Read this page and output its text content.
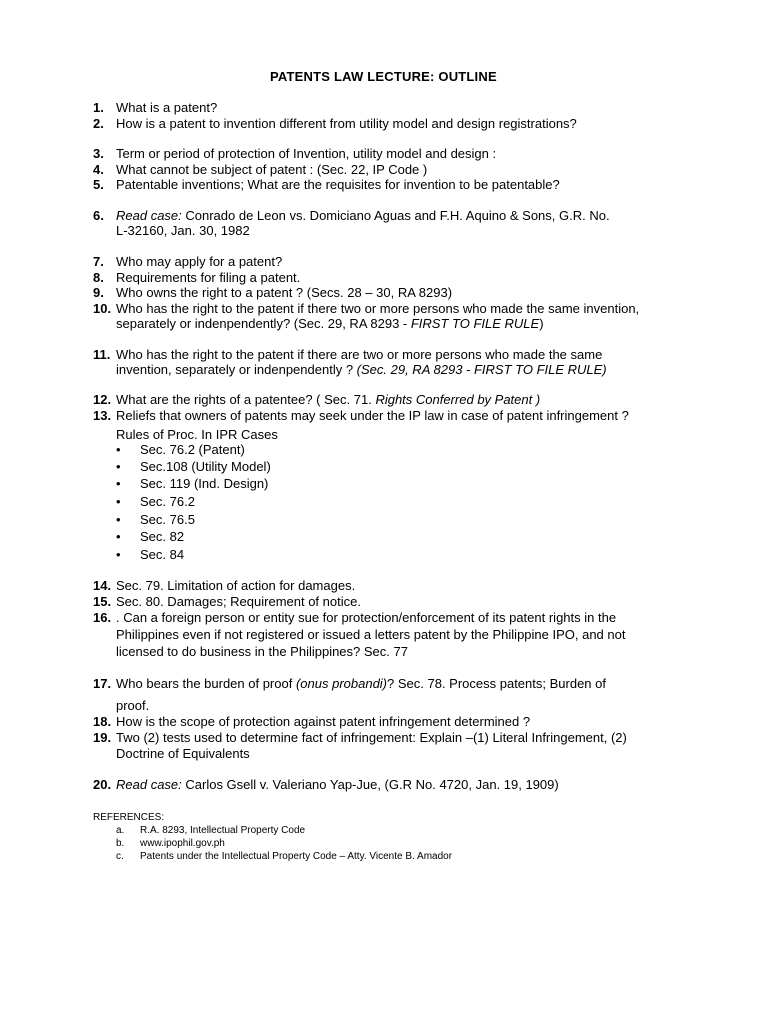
PATENTS LAW LECTURE: OUTLINE
1. What is a patent?
2. How is a patent to invention different from utility model and design registrations?
3. Term or period of protection of Invention, utility model and design :
4. What cannot be subject of patent : (Sec. 22, IP Code )
5. Patentable inventions; What are the requisites for invention to be patentable?
6. Read case: Conrado de Leon vs. Domiciano Aguas and F.H. Aquino & Sons, G.R. No.
L-32160, Jan. 30, 1982
7. Who may apply for a patent?
8. Requirements for filing a patent.
9. Who owns the right to a patent ? (Secs. 28 – 30, RA 8293)
10. Who has the right to the patent if there two or more persons who made the same invention,
separately or indenpendently? (Sec. 29, RA 8293 - FIRST TO FILE RULE)
11. Who has the right to the patent if there are two or more persons who made the same
invention, separately or indenpendently ? (Sec. 29, RA 8293 - FIRST TO FILE RULE)
12. What are the rights of a patentee? ( Sec. 71. Rights Conferred by Patent )
13. Reliefs that owners of patents may seek under the IP law in case of patent infringement ?
Rules of Proc. In IPR Cases
• Sec. 76.2 (Patent)
• Sec.108 (Utility Model)
• Sec. 119 (Ind. Design)
• Sec. 76.2
• Sec. 76.5
• Sec. 82
• Sec. 84
14. Sec. 79. Limitation of action for damages.
15. Sec. 80. Damages; Requirement of notice.
16. . Can a foreign person or entity sue for protection/enforcement of its patent rights in the
Philippines even if not registered or issued a letters patent by the Philippine IPO, and not
licensed to do business in the Philippines? Sec. 77
17. Who bears the burden of proof (onus probandi)? Sec. 78. Process patents; Burden of
proof.
18. How is the scope of protection against patent infringement determined ?
19. Two (2) tests used to determine fact of infringement: Explain –(1) Literal Infringement, (2)
Doctrine of Equivalents
20. Read case: Carlos Gsell v. Valeriano Yap-Jue, (G.R No. 4720, Jan. 19, 1909)
REFERENCES:
a. R.A. 8293, Intellectual Property Code
b. www.ipophil.gov.ph
c. Patents under the Intellectual Property Code – Atty. Vicente B. Amador
